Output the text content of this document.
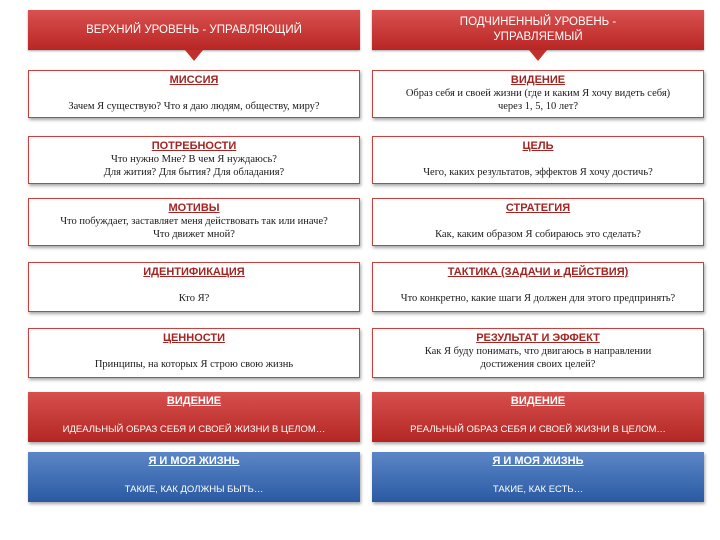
ВЕРХНИЙ УРОВЕНЬ - УПРАВЛЯЮЩИЙ
МИССИЯ
Зачем Я существую? Что я даю людям, обществу, миру?
ПОТРЕБНОСТИ
Что нужно Мне? В чем Я нуждаюсь?
Для жития? Для бытия? Для обладания?
МОТИВЫ
Что побуждает, заставляет меня действовать так или иначе?
Что движет мной?
ИДЕНТИФИКАЦИЯ
Кто Я?
ЦЕННОСТИ
Принципы, на которых Я строю свою жизнь
ВИДЕНИЕ
ИДЕАЛЬНЫЙ ОБРАЗ СЕБЯ И СВОЕЙ ЖИЗНИ В ЦЕЛОМ…
Я И МОЯ ЖИЗНЬ
ТАКИЕ, КАК ДОЛЖНЫ БЫТЬ…
ПОДЧИНЕННЫЙ УРОВЕНЬ -
УПРАВЛЯЕМЫЙ
ВИДЕНИЕ
Образ себя и своей жизни (где и каким Я хочу видеть себя)
через 1, 5, 10 лет?
ЦЕЛЬ
Чего, каких результатов, эффектов Я хочу достичь?
СТРАТЕГИЯ
Как, каким образом Я собираюсь это сделать?
ТАКТИКА (ЗАДАЧИ и ДЕЙСТВИЯ)
Что конкретно, какие шаги Я должен для этого предпринять?
РЕЗУЛЬТАТ И ЭФФЕКТ
Как Я буду понимать, что двигаюсь в направлении
достижения своих целей?
ВИДЕНИЕ
РЕАЛЬНЫЙ ОБРАЗ СЕБЯ И СВОЕЙ ЖИЗНИ В ЦЕЛОМ…
Я И МОЯ ЖИЗНЬ
ТАКИЕ, КАК ЕСТЬ…
